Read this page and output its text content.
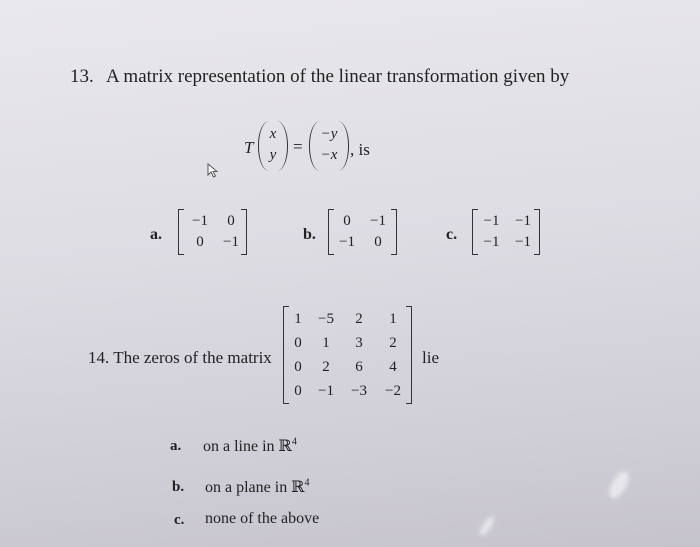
13. A matrix representation of the linear transformation given by
T
x
y =
−y
−x , is
a.
−1	0
0	−1	b.
0	−1
−1	0	c.
−1	−1
−1	−1
14. The zeros of the matrix
1	−5	2	1
0	1	3	2
0	2	6	4
0	−1	−3	−2
lie
a. on a line in ℝ$^4$
b. on a plane in ℝ$^4$
c. none of the above
